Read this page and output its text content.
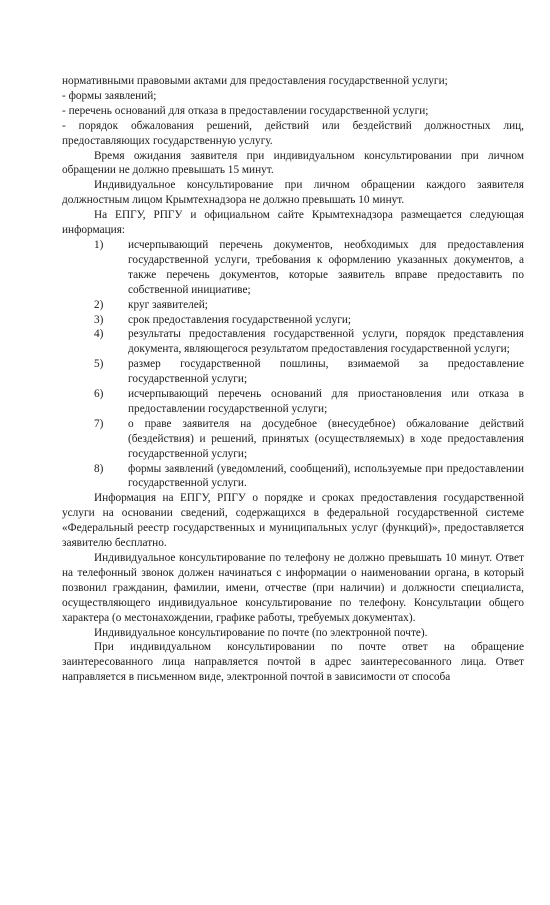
нормативными правовыми актами для предоставления государственной услуги;

- формы заявлений;

- перечень оснований для отказа в предоставлении государственной услуги;

- порядок обжалования решений, действий или бездействий должностных лиц, предоставляющих государственную услугу.

Время ожидания заявителя при индивидуальном консультировании при личном обращении не должно превышать 15 минут.

Индивидуальное консультирование при личном обращении каждого заявителя должностным лицом Крымтехнадзора не должно превышать 10 минут.

На ЕПГУ, РПГУ и официальном сайте Крымтехнадзора размещается следующая информация:

1)	исчерпывающий перечень документов, необходимых для предоставления государственной услуги, требования к оформлению указанных документов, а также перечень документов, которые заявитель вправе предоставить по собственной инициативе;
2)	круг заявителей;
3)	срок предоставления государственной услуги;
4)	результаты предоставления государственной услуги, порядок представления документа, являющегося результатом предоставления государственной услуги;
5)	размер государственной пошлины, взимаемой за предоставление государственной услуги;
6)	исчерпывающий перечень оснований для приостановления или отказа в предоставлении государственной услуги;
7)	о праве заявителя на досудебное (внесудебное) обжалование действий (бездействия) и решений, принятых (осуществляемых) в ходе предоставления государственной услуги;
8)	формы заявлений (уведомлений, сообщений), используемые при предоставлении государственной услуги.

Информация на ЕПГУ, РПГУ о порядке и сроках предоставления государственной услуги на основании сведений, содержащихся в федеральной государственной системе «Федеральный реестр государственных и муниципальных услуг (функций)», предоставляется заявителю бесплатно.

Индивидуальное консультирование по телефону не должно превышать 10 минут. Ответ на телефонный звонок должен начинаться с информации о наименовании органа, в который позвонил гражданин, фамилии, имени, отчестве (при наличии) и должности специалиста, осуществляющего индивидуальное консультирование по телефону. Консультации общего характера (о местонахождении, графике работы, требуемых документах).

Индивидуальное консультирование по почте (по электронной почте).

При индивидуальном консультировании по почте ответ на обращение заинтересованного лица направляется почтой в адрес заинтересованного лица. Ответ направляется в письменном виде, электронной почтой в зависимости от способа
